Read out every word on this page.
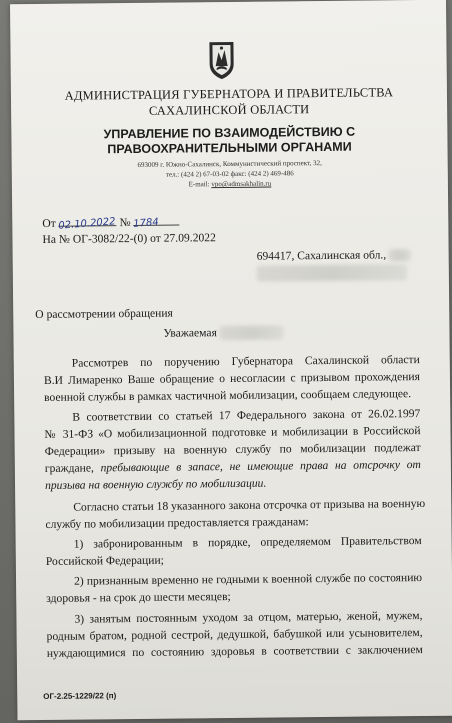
АДМИНИСТРАЦИЯ ГУБЕРНАТОРА И ПРАВИТЕЛЬСТВА
САХАЛИНСКОЙ ОБЛАСТИ
УПРАВЛЕНИЕ ПО ВЗАИМОДЕЙСТВИЮ С
ПРАВООХРАНИТЕЛЬНЫМИ ОРГАНАМИ
693009 г. Южно-Сахалинск, Коммунистический проспект, 32,
тел.: (424 2) 67-03-02 факс: (424 2) 469-486
E-mail: vpo@admsakhalin.ru
От 02.10.2022 № 1784
На № ОГ-3082/22-(0) от 27.09.2022
694417, Сахалинская обл.,
О рассмотрении обращения
Уважаемая
Рассмотрев по поручению Губернатора Сахалинской области
В.И Лимаренко Ваше обращение о несогласии с призывом прохождения
военной службы в рамках частичной мобилизации, сообщаем следующее.
В соответствии со статьей 17 Федерального закона от 26.02.1997
№ 31-ФЗ «О мобилизационной подготовке и мобилизации в Российской
Федерации» призыву на военную службу по мобилизации подлежат
граждане, пребывающие в запасе, не имеющие права на отсрочку от
призыва на военную службу по мобилизации.
Согласно статьи 18 указанного закона отсрочка от призыва на военную
службу по мобилизации предоставляется гражданам:
1) забронированным в порядке, определяемом Правительством
Российской Федерации;
2) признанным временно не годными к военной службе по состоянию
здоровья - на срок до шести месяцев;
3) занятым постоянным уходом за отцом, матерью, женой, мужем,
родным братом, родной сестрой, дедушкой, бабушкой или усыновителем,
нуждающимися по состоянию здоровья в соответствии с заключением
ОГ-2.25-1229/22 (п)
